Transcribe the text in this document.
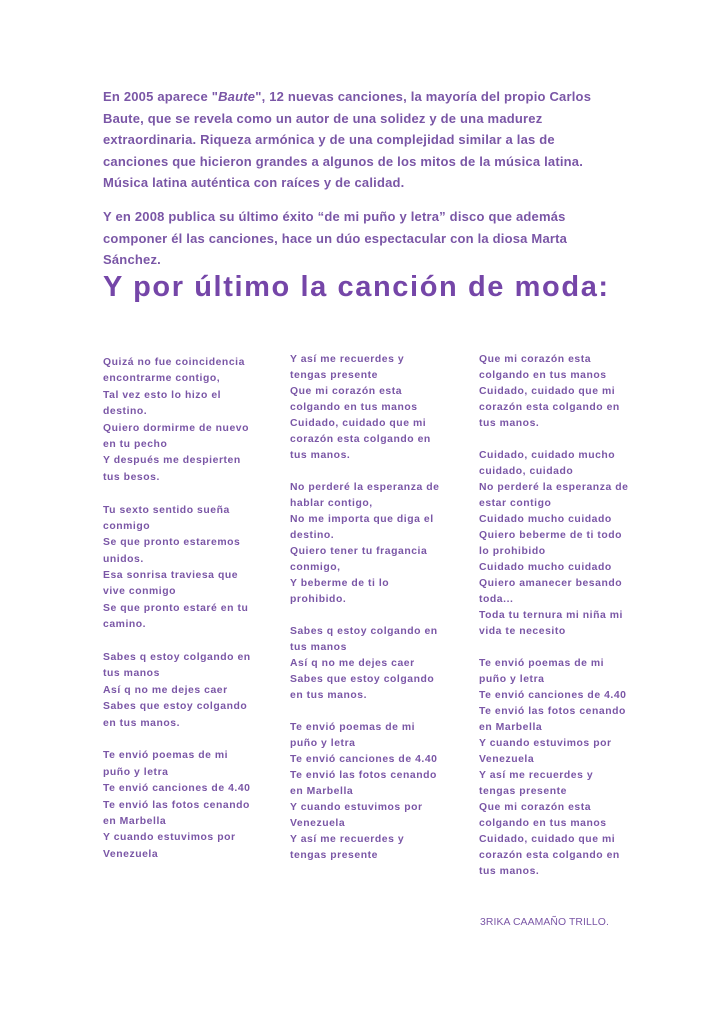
En 2005 aparece "Baute", 12 nuevas canciones, la mayoría del propio Carlos Baute, que se revela como un autor de una solidez y de una madurez extraordinaria. Riqueza armónica y de una complejidad similar a las de canciones que hicieron grandes a algunos de los mitos de la música latina. Música latina auténtica con raíces y de calidad.

Y en 2008 publica su último éxito “de mi puño y letra” disco que además componer él las canciones, hace un dúo espectacular con la diosa Marta Sánchez.

Y por último la canción de moda:
Quizá no fue coincidencia
encontrarme contigo,
Tal vez esto lo hizo el
destino.
Quiero dormirme de nuevo
en tu pecho
Y después me despierten
tus besos.
Tu sexto sentido sueña
conmigo
Se que pronto estaremos
unidos.
Esa sonrisa traviesa que
vive conmigo
Se que pronto estaré en tu
camino.
Sabes q estoy colgando en
tus manos
Así q no me dejes caer
Sabes que estoy colgando
en tus manos.
Te envió poemas de mi
puño y letra
Te envió canciones de 4.40
Te envió las fotos cenando
en Marbella
Y cuando estuvimos por
Venezuela
Y así me recuerdes y
tengas presente
Que mi corazón esta
colgando en tus manos
Cuidado, cuidado que mi
corazón esta colgando en
tus manos.
No perderé la esperanza de
hablar contigo,
No me importa que diga el
destino.
Quiero tener tu fragancia
conmigo,
Y beberme de ti lo
prohibido.
Sabes q estoy colgando en
tus manos
Así q no me dejes caer
Sabes que estoy colgando
en tus manos.
Te envió poemas de mi
puño y letra
Te envió canciones de 4.40
Te envió las fotos cenando
en Marbella
Y cuando estuvimos por
Venezuela
Y así me recuerdes y
tengas presente
Que mi corazón esta
colgando en tus manos
Cuidado, cuidado que mi
corazón esta colgando en
tus manos.
Cuidado, cuidado mucho
cuidado, cuidado
No perderé la esperanza de
estar contigo
Cuidado mucho cuidado
Quiero beberme de ti todo
lo prohibido
Cuidado mucho cuidado
Quiero amanecer besando
toda...
Toda tu ternura mi niña mi
vida te necesito
Te envió poemas de mi
puño y letra
Te envió canciones de 4.40
Te envió las fotos cenando
en Marbella
Y cuando estuvimos por
Venezuela
Y así me recuerdes y
tengas presente
Que mi corazón esta
colgando en tus manos
Cuidado, cuidado que mi
corazón esta colgando en
tus manos.
3RIKA CAAMAÑO TRILLO.
